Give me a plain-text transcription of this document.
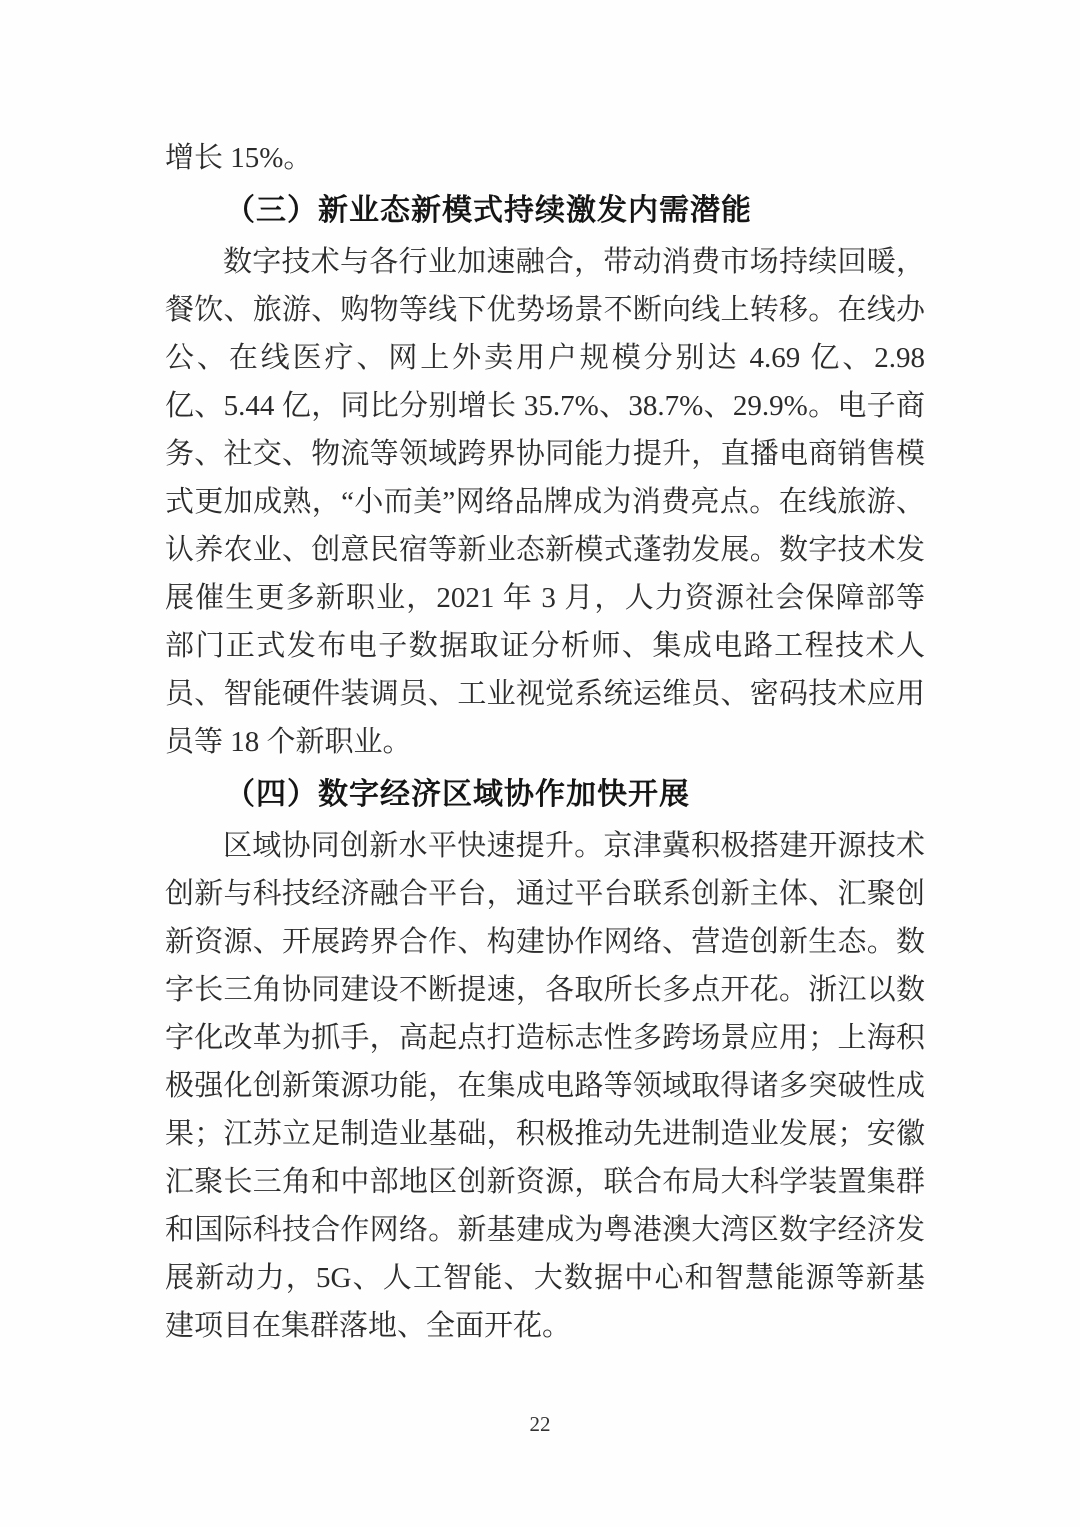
增长 15%。

（三）新业态新模式持续激发内需潜能

数字技术与各行业加速融合，带动消费市场持续回暖，餐饮、旅游、购物等线下优势场景不断向线上转移。在线办公、在线医疗、网上外卖用户规模分别达 4.69 亿、2.98 亿、5.44 亿，同比分别增长 35.7%、38.7%、29.9%。电子商务、社交、物流等领域跨界协同能力提升，直播电商销售模式更加成熟，“小而美”网络品牌成为消费亮点。在线旅游、认养农业、创意民宿等新业态新模式蓬勃发展。数字技术发展催生更多新职业，2021 年 3 月，人力资源社会保障部等部门正式发布电子数据取证分析师、集成电路工程技术人员、智能硬件装调员、工业视觉系统运维员、密码技术应用员等 18 个新职业。

（四）数字经济区域协作加快开展

区域协同创新水平快速提升。京津冀积极搭建开源技术创新与科技经济融合平台，通过平台联系创新主体、汇聚创新资源、开展跨界合作、构建协作网络、营造创新生态。数字长三角协同建设不断提速，各取所长多点开花。浙江以数字化改革为抓手，高起点打造标志性多跨场景应用；上海积极强化创新策源功能，在集成电路等领域取得诸多突破性成果；江苏立足制造业基础，积极推动先进制造业发展；安徽汇聚长三角和中部地区创新资源，联合布局大科学装置集群和国际科技合作网络。新基建成为粤港澳大湾区数字经济发展新动力，5G、人工智能、大数据中心和智慧能源等新基建项目在集群落地、全面开花。

22
